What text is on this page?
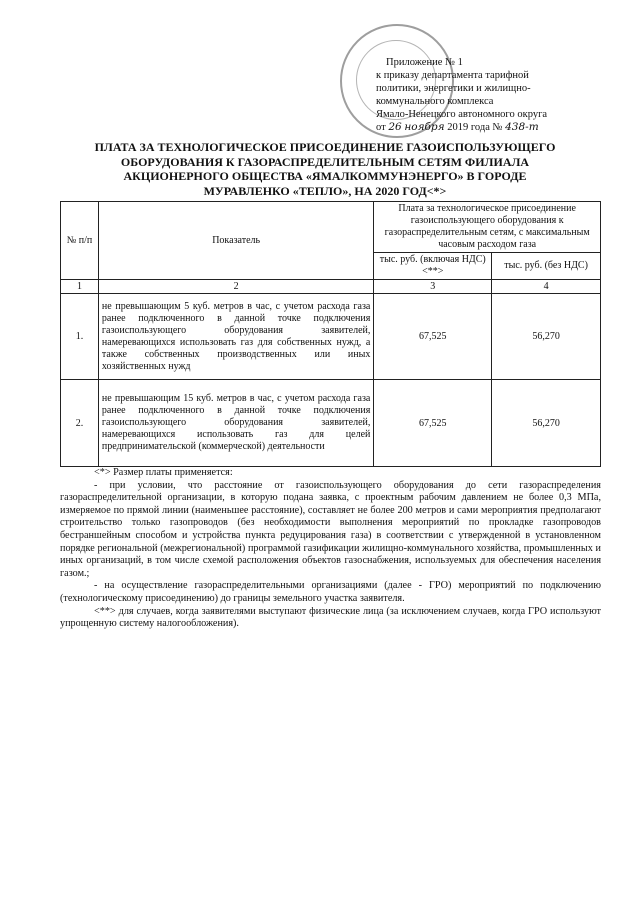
Приложение № 1
к приказу департамента тарифной
политики, энергетики и жилищно-
коммунального комплекса
Ямало-Ненецкого автономного округа
от 26 ноября 2019 года № 438-т
ПЛАТА ЗА ТЕХНОЛОГИЧЕСКОЕ ПРИСОЕДИНЕНИЕ ГАЗОИСПОЛЬЗУЮЩЕГО ОБОРУДОВАНИЯ К ГАЗОРАСПРЕДЕЛИТЕЛЬНЫМ СЕТЯМ ФИЛИАЛА АКЦИОНЕРНОГО ОБЩЕСТВА «ЯМАЛКОММУНЭНЕРГО» В ГОРОДЕ МУРАВЛЕНКО «ТЕПЛО», НА 2020 ГОД<*>
№ п/п	Показатель	Плата за технологическое присоединение газоиспользующего оборудования к газораспределительным сетям, с максимальным часовым расходом газа	
		тыс. руб. (включая НДС) <**>	тыс. руб. (без НДС)
1	2	3	4
1.	не превышающим 5 куб. метров в час, с учетом расхода газа ранее подключенного в данной точке подключения газоиспользующего оборудования заявителей, намеревающихся использовать газ для собственных нужд, а также собственных производственных или иных хозяйственных нужд	67,525	56,270
2.	не превышающим 15 куб. метров в час, с учетом расхода газа ранее подключенного в данной точке подключения газоиспользующего оборудования заявителей, намеревающихся использовать газ для целей предпринимательской (коммерческой) деятельности	67,525	56,270

<*> Размер платы применяется:

- при условии, что расстояние от газоиспользующего оборудования до сети газораспределения газораспределительной организации, в которую подана заявка, с проектным рабочим давлением не более 0,3 МПа, измеряемое по прямой линии (наименьшее расстояние), составляет не более 200 метров и сами мероприятия предполагают строительство только газопроводов (без необходимости выполнения мероприятий по прокладке газопроводов бестраншейным способом и устройства пункта редуцирования газа) в соответствии с утвержденной в установленном порядке региональной (межрегиональной) программой газификации жилищно-коммунального хозяйства, промышленных и иных организаций, в том числе схемой расположения объектов газоснабжения, используемых для обеспечения населения газом.;

- на осуществление газораспределительными организациями (далее - ГРО) мероприятий по подключению (технологическому присоединению) до границы земельного участка заявителя.

<**> для случаев, когда заявителями выступают физические лица (за исключением случаев, когда ГРО используют упрощенную систему налогообложения).
